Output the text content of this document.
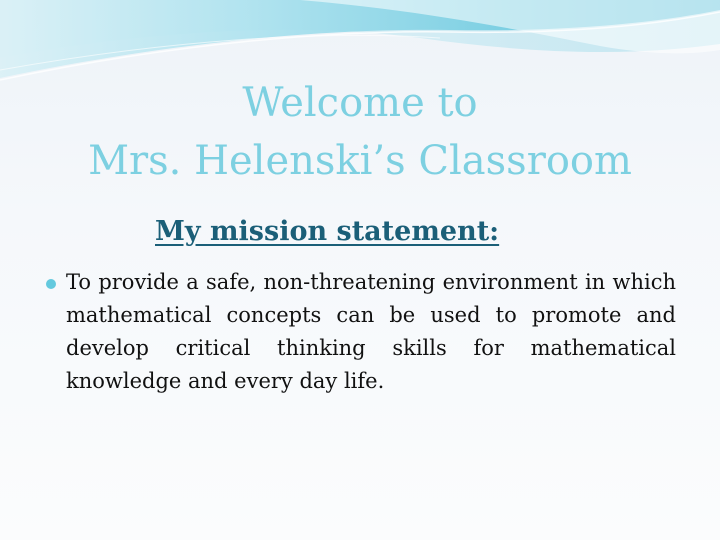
Welcome to
Mrs. Helenski’s Classroom
My mission statement:
To provide a safe, non-threatening environment in which mathematical concepts can be used to promote and develop critical thinking skills for mathematical knowledge and every day life.
